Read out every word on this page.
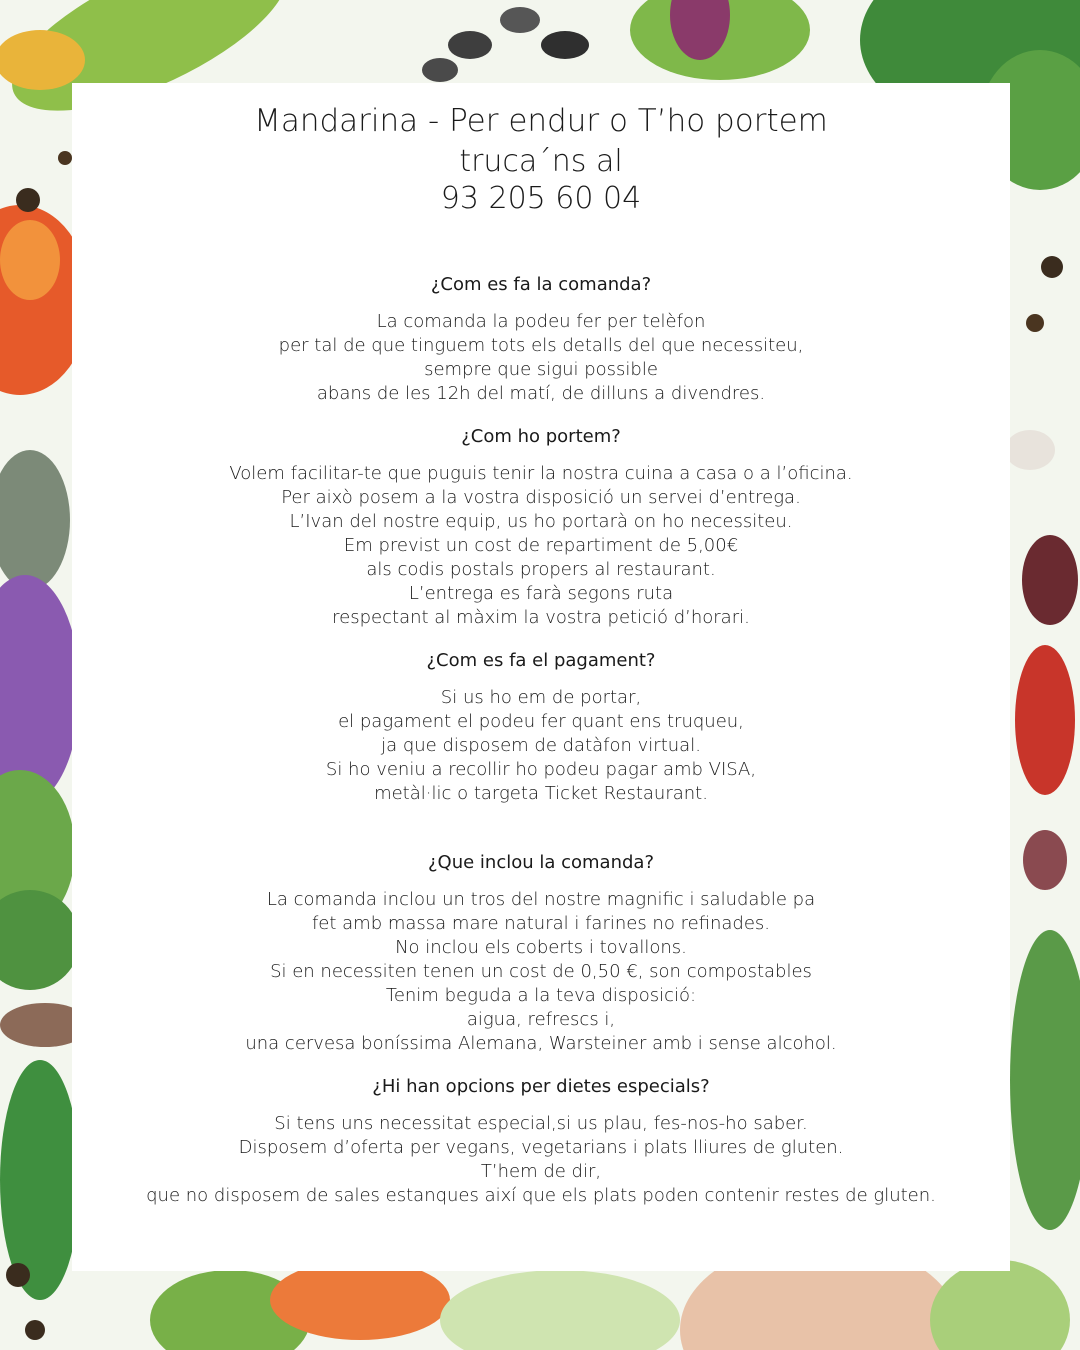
Mandarina - Per endur o T’ho portem
truca´ns al
93 205 60 04
¿Com es fa la comanda?
La comanda la podeu fer per telèfon
per tal de que tinguem tots els detalls del que necessiteu,
sempre que sigui possible
abans de les 12h del matí, de dilluns a divendres.
¿Com ho portem?
Volem facilitar-te que puguis tenir la nostra cuina a casa o a l’oficina.
Per això posem a la vostra disposició un servei d’entrega.
L’Ivan del nostre equip, us ho portarà on ho necessiteu.
Em previst un cost de repartiment de 5,00€
als codis postals propers al restaurant.
L’entrega es farà segons ruta
respectant al màxim la vostra petició d’horari.
¿Com es fa el pagament?
Si us ho em de portar,
el pagament el podeu fer quant ens truqueu,
ja que disposem de datàfon virtual.
Si ho veniu a recollir ho podeu pagar amb VISA,
metàl·lic o targeta Ticket Restaurant.
¿Que inclou la comanda?
La comanda inclou un tros del nostre magnific i saludable pa
fet amb massa mare natural i farines no refinades.
No inclou els coberts i tovallons.
Si en necessiten tenen un cost de 0,50 €, son compostables
Tenim beguda a la teva disposició:
aigua, refrescs i,
una cervesa boníssima Alemana, Warsteiner amb i sense alcohol.
¿Hi han opcions per dietes especials?
Si tens uns necessitat especial,si us plau, fes-nos-ho saber.
Disposem d’oferta per vegans, vegetarians i plats lliures de gluten.
T’hem de dir,
que no disposem de sales estanques així que els plats poden contenir restes de gluten.
